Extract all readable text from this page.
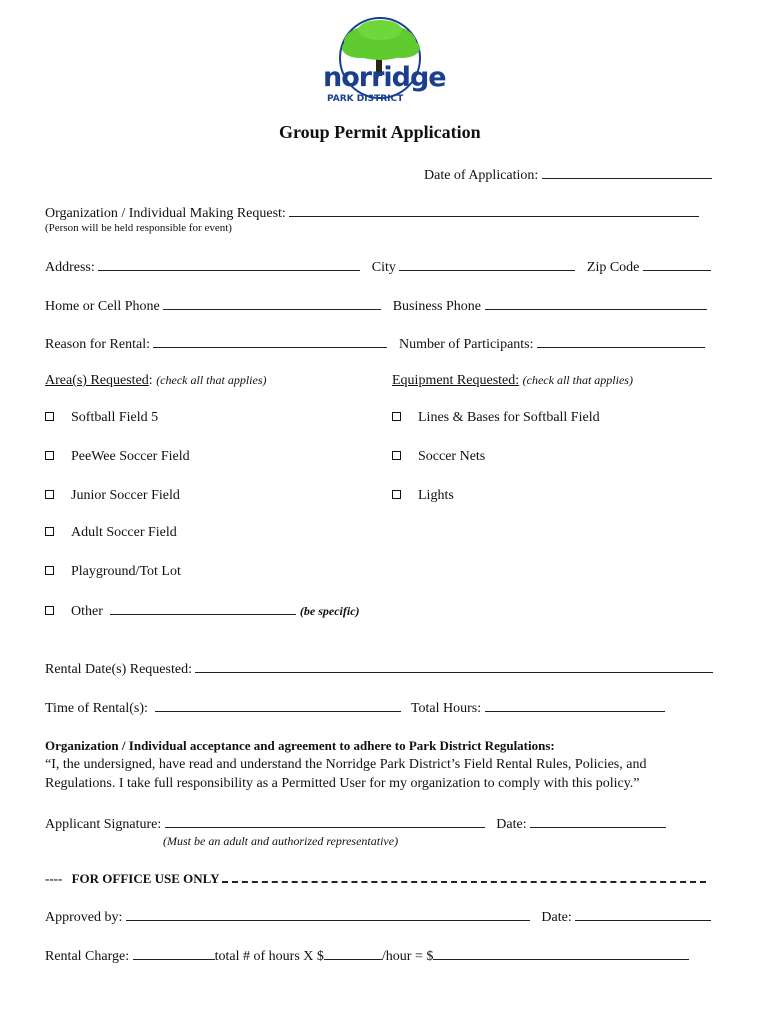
norridge
PARK DISTRICT
Group Permit Application
Date of Application:
Organization / Individual Making Request:
(Person will be held responsible for event)
Address:	City	Zip Code
Home or Cell Phone	Business Phone
Reason for Rental:	Number of Participants:
Area(s) Requested: (check all that applies)	Equipment Requested: (check all that applies)
Softball Field 5
PeeWee Soccer Field
Junior Soccer Field
Adult Soccer Field
Playground/Tot Lot
Other	(be specific)
Lines & Bases for Softball Field
Soccer Nets
Lights
Rental Date(s) Requested:
Time of Rental(s):	Total Hours:
Organization / Individual acceptance and agreement to adhere to Park District Regulations:
“I, the undersigned, have read and understand the Norridge Park District’s Field Rental Rules, Policies, and
Regulations. I take full responsibility as a Permitted User for my organization to comply with this policy.”
Applicant Signature:	Date:
(Must be an adult and authorized representative)
---- FOR OFFICE USE ONLY
Approved by:	Date:
Rental Charge:	total # of hours X $	/hour = $
